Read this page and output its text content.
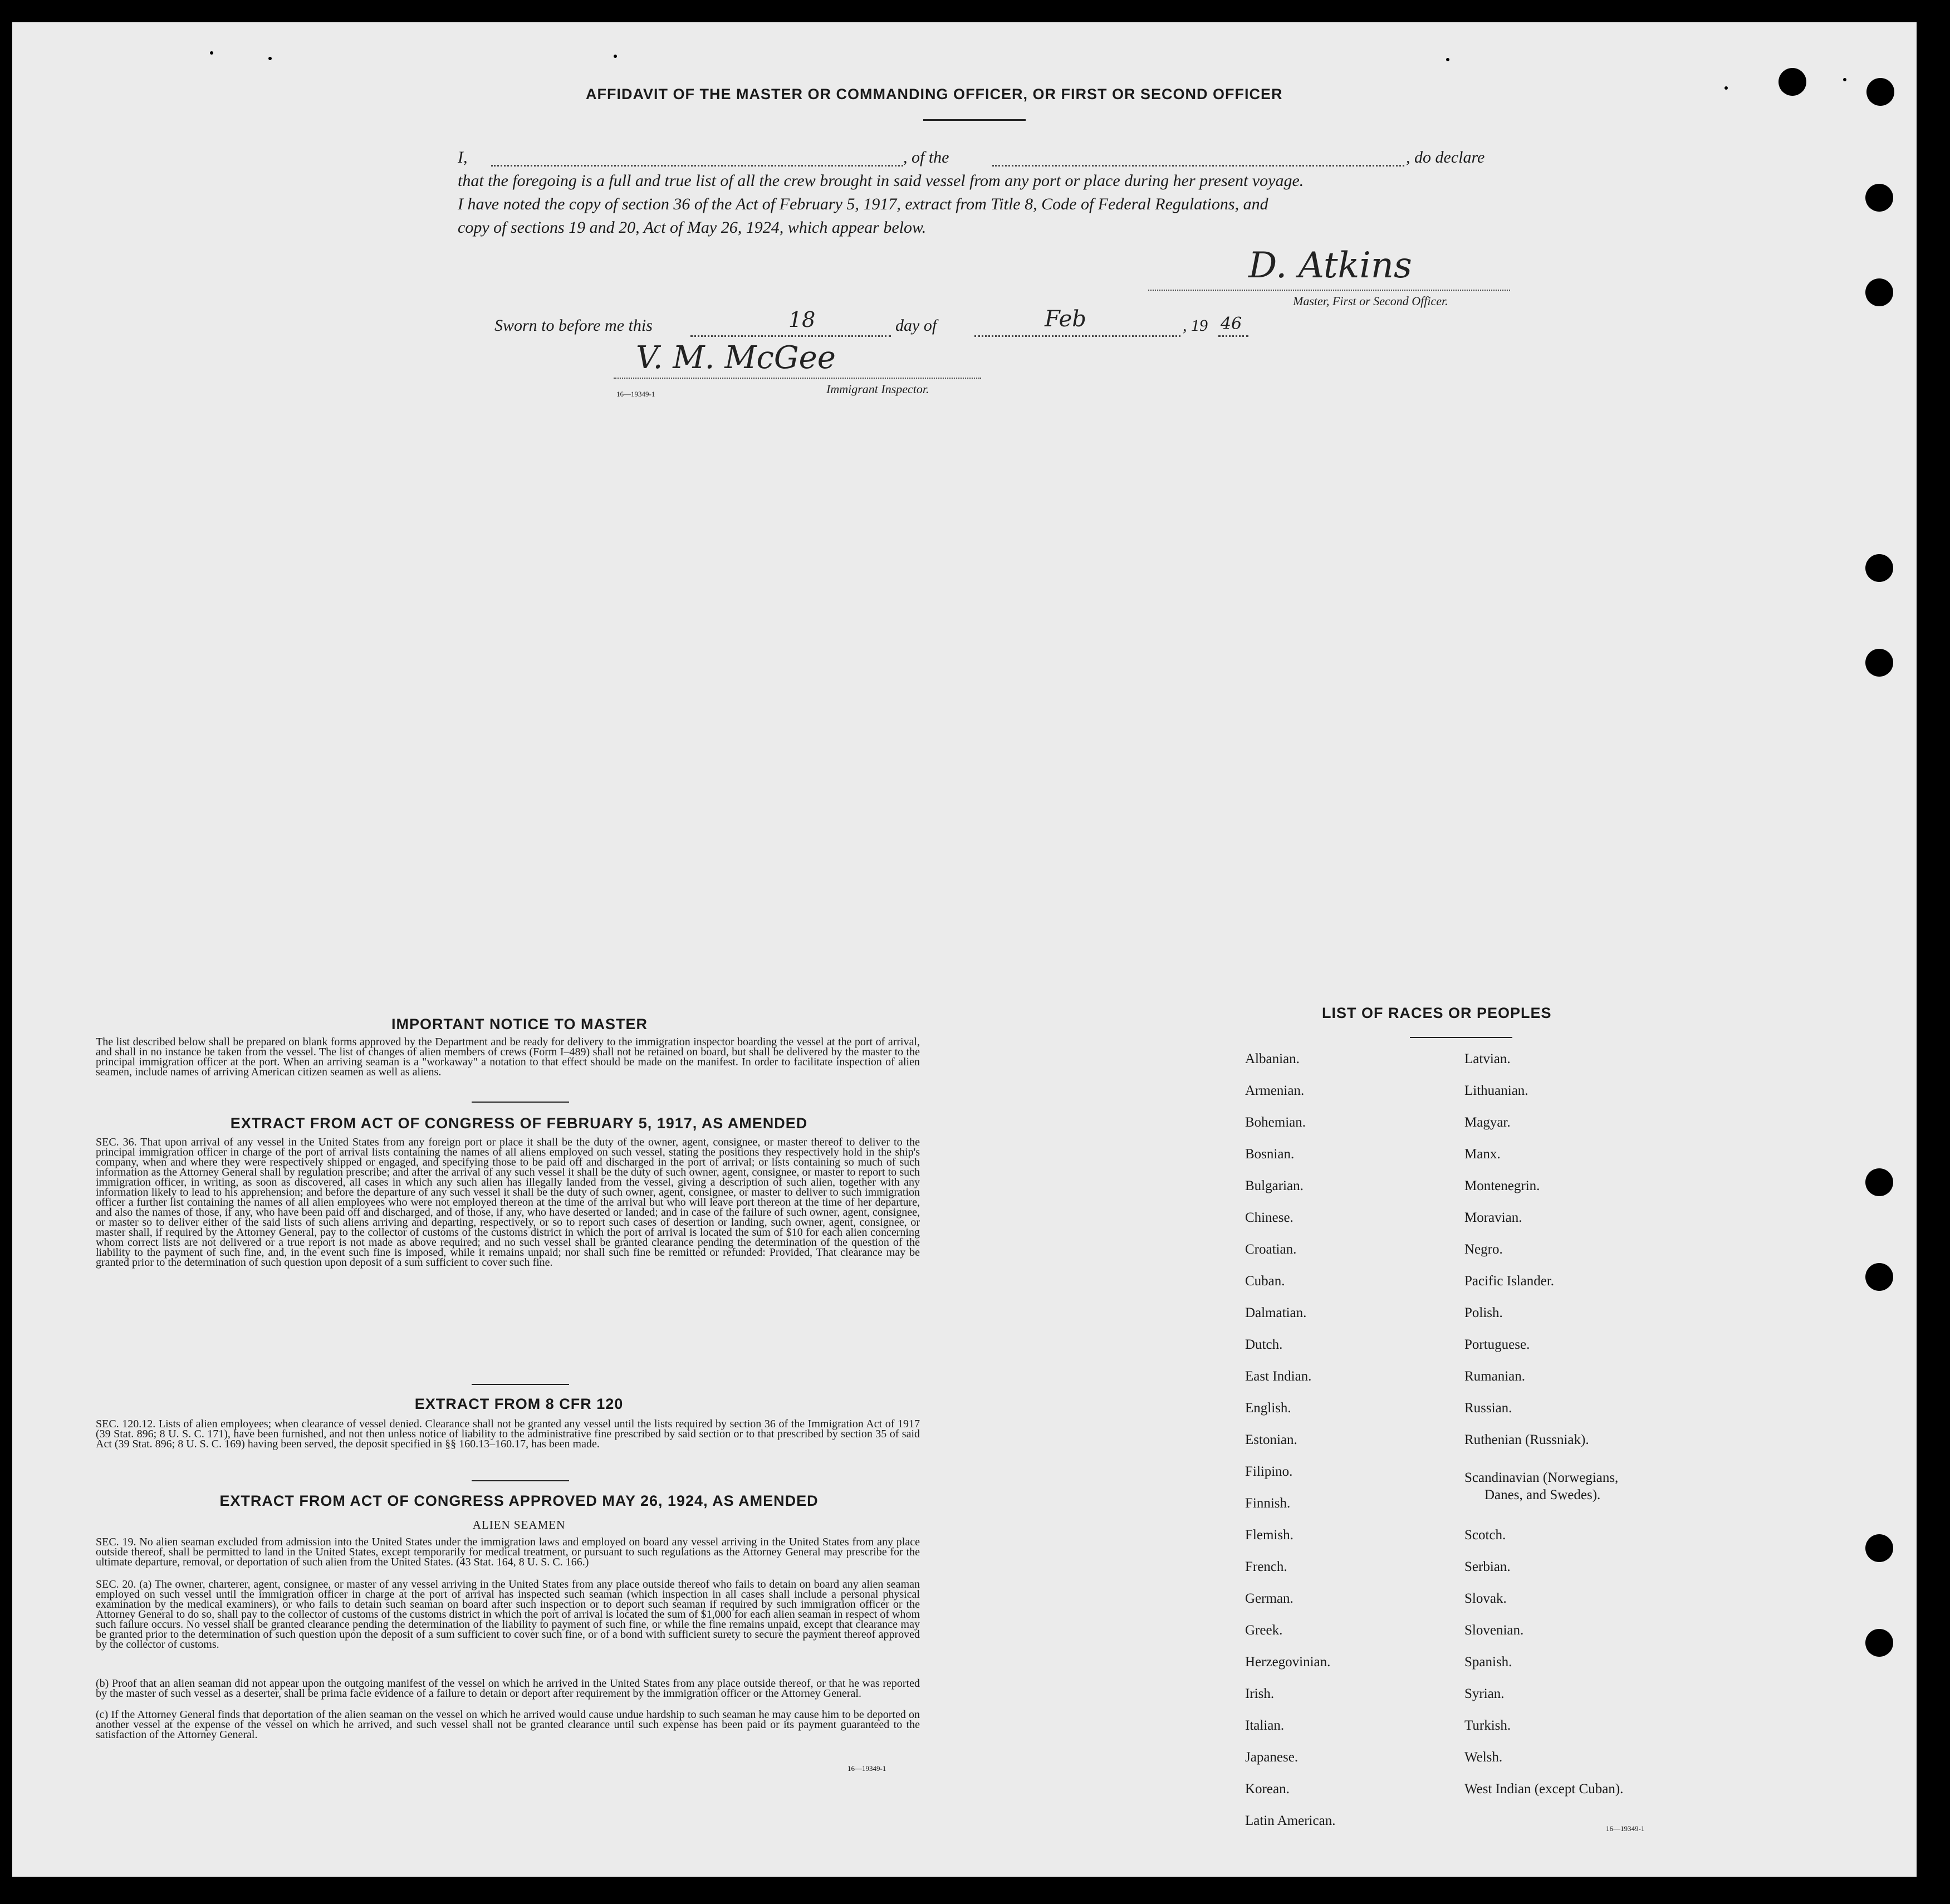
AFFIDAVIT OF THE MASTER OR COMMANDING OFFICER, OR FIRST OR SECOND OFFICER
I,	, of the	, do declare
that the foregoing is a full and true list of all the crew brought in said vessel from any port or place during her present voyage.
I have noted the copy of section 36 of the Act of February 5, 1917, extract from Title 8, Code of Federal Regulations, and
copy of sections 19 and 20, Act of May 26, 1924, which appear below.
D. Atkins
Master, First or Second Officer.
Sworn to before me this	18	day of	Feb	, 19 46
V. M. McGee
Immigrant Inspector.
16—19349-1
IMPORTANT NOTICE TO MASTER
The list described below shall be prepared on blank forms approved by the Department and be ready for delivery to the immigration inspector boarding the vessel at the port of arrival, and shall in no instance be taken from the vessel. The list of changes of alien members of crews (Form I–489) shall not be retained on board, but shall be delivered by the master to the principal immigration officer at the port. When an arriving seaman is a "workaway" a notation to that effect should be made on the manifest. In order to facilitate inspection of alien seamen, include names of arriving American citizen seamen as well as aliens.
EXTRACT FROM ACT OF CONGRESS OF FEBRUARY 5, 1917, AS AMENDED
SEC. 36. That upon arrival of any vessel in the United States from any foreign port or place it shall be the duty of the owner, agent, consignee, or master thereof to deliver to the principal immigration officer in charge of the port of arrival lists containing the names of all aliens employed on such vessel, stating the positions they respectively hold in the ship's company, when and where they were respectively shipped or engaged, and specifying those to be paid off and discharged in the port of arrival; or lists containing so much of such information as the Attorney General shall by regulation prescribe; and after the arrival of any such vessel it shall be the duty of such owner, agent, consignee, or master to report to such immigration officer, in writing, as soon as discovered, all cases in which any such alien has illegally landed from the vessel, giving a description of such alien, together with any information likely to lead to his apprehension; and before the departure of any such vessel it shall be the duty of such owner, agent, consignee, or master to deliver to such immigration officer a further list containing the names of all alien employees who were not employed thereon at the time of the arrival but who will leave port thereon at the time of her departure, and also the names of those, if any, who have been paid off and discharged, and of those, if any, who have deserted or landed; and in case of the failure of such owner, agent, consignee, or master so to deliver either of the said lists of such aliens arriving and departing, respectively, or so to report such cases of desertion or landing, such owner, agent, consignee, or master shall, if required by the Attorney General, pay to the collector of customs of the customs district in which the port of arrival is located the sum of $10 for each alien concerning whom correct lists are not delivered or a true report is not made as above required; and no such vessel shall be granted clearance pending the determination of the question of the liability to the payment of such fine, and, in the event such fine is imposed, while it remains unpaid; nor shall such fine be remitted or refunded: Provided, That clearance may be granted prior to the determination of such question upon deposit of a sum sufficient to cover such fine.
EXTRACT FROM 8 CFR 120
SEC. 120.12. Lists of alien employees; when clearance of vessel denied. Clearance shall not be granted any vessel until the lists required by section 36 of the Immigration Act of 1917 (39 Stat. 896; 8 U. S. C. 171), have been furnished, and not then unless notice of liability to the administrative fine prescribed by said section or to that prescribed by section 35 of said Act (39 Stat. 896; 8 U. S. C. 169) having been served, the deposit specified in §§ 160.13–160.17, has been made.
EXTRACT FROM ACT OF CONGRESS APPROVED MAY 26, 1924, AS AMENDED
ALIEN SEAMEN
SEC. 19. No alien seaman excluded from admission into the United States under the immigration laws and employed on board any vessel arriving in the United States from any place outside thereof, shall be permitted to land in the United States, except temporarily for medical treatment, or pursuant to such regulations as the Attorney General may prescribe for the ultimate departure, removal, or deportation of such alien from the United States. (43 Stat. 164, 8 U. S. C. 166.)
SEC. 20. (a) The owner, charterer, agent, consignee, or master of any vessel arriving in the United States from any place outside thereof who fails to detain on board any alien seaman employed on such vessel until the immigration officer in charge at the port of arrival has inspected such seaman (which inspection in all cases shall include a personal physical examination by the medical examiners), or who fails to detain such seaman on board after such inspection or to deport such seaman if required by such immigration officer or the Attorney General to do so, shall pay to the collector of customs of the customs district in which the port of arrival is located the sum of $1,000 for each alien seaman in respect of whom such failure occurs. No vessel shall be granted clearance pending the determination of the liability to payment of such fine, or while the fine remains unpaid, except that clearance may be granted prior to the determination of such question upon the deposit of a sum sufficient to cover such fine, or of a bond with sufficient surety to secure the payment thereof approved by the collector of customs.
(b) Proof that an alien seaman did not appear upon the outgoing manifest of the vessel on which he arrived in the United States from any place outside thereof, or that he was reported by the master of such vessel as a deserter, shall be prima facie evidence of a failure to detain or deport after requirement by the immigration officer or the Attorney General.
(c) If the Attorney General finds that deportation of the alien seaman on the vessel on which he arrived would cause undue hardship to such seaman he may cause him to be deported on another vessel at the expense of the vessel on which he arrived, and such vessel shall not be granted clearance until such expense has been paid or its payment guaranteed to the satisfaction of the Attorney General.
16—19349-1
LIST OF RACES OR PEOPLES
Albanian.
Armenian.
Bohemian.
Bosnian.
Bulgarian.
Chinese.
Croatian.
Cuban.
Dalmatian.
Dutch.
East Indian.
English.
Estonian.
Filipino.
Finnish.
Flemish.
French.
German.
Greek.
Herzegovinian.
Irish.
Italian.
Japanese.
Korean.
Latin American.
Latvian.
Lithuanian.
Magyar.
Manx.
Montenegrin.
Moravian.
Negro.
Pacific Islander.
Polish.
Portuguese.
Rumanian.
Russian.
Ruthenian (Russniak).
Scandinavian (Norwegians,
Danes, and Swedes).
Scotch.
Serbian.
Slovak.
Slovenian.
Spanish.
Syrian.
Turkish.
Welsh.
West Indian (except Cuban).
16—19349-1
